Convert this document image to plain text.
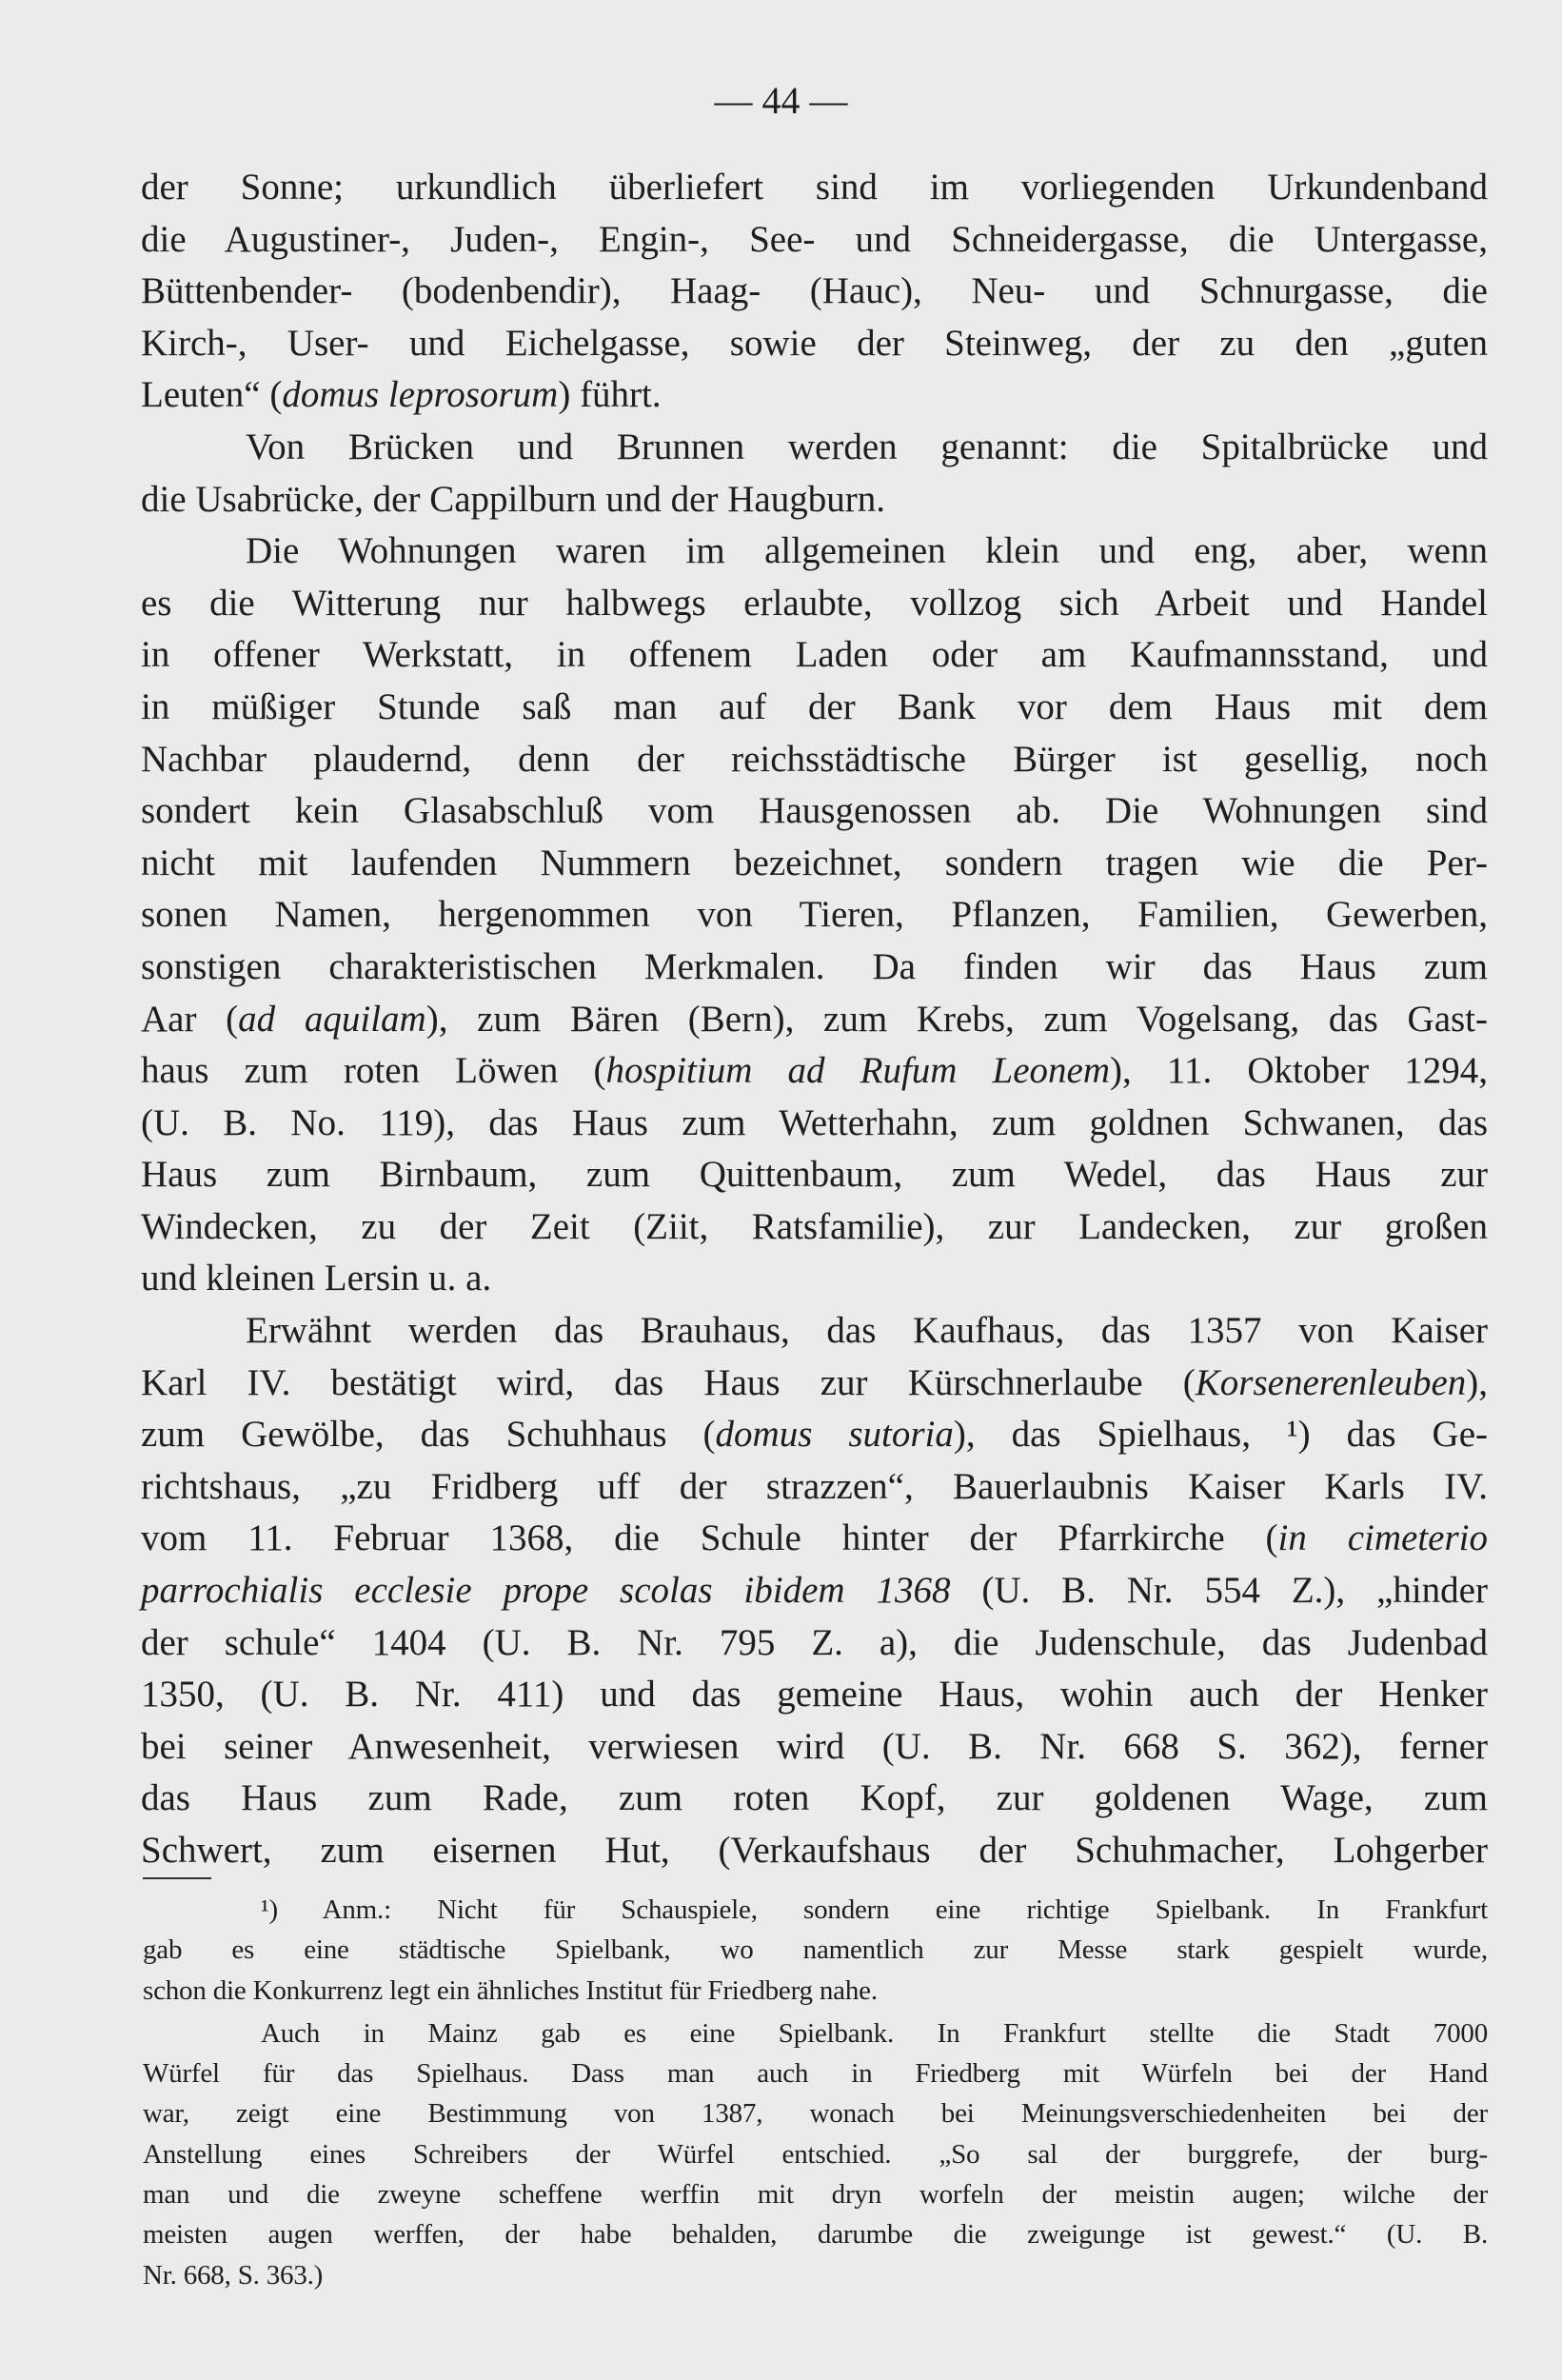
— 44 —
der Sonne; urkundlich überliefert sind im vorliegenden Urkundenband
die Augustiner-, Juden-, Engin-, See- und Schneidergasse, die Untergasse,
Büttenbender- (bodenbendir), Haag- (Hauc), Neu- und Schnurgasse, die
Kirch-, User- und Eichelgasse, sowie der Steinweg, der zu den „guten
Leuten“ (domus leprosorum) führt.
Von Brücken und Brunnen werden genannt: die Spitalbrücke und
die Usabrücke, der Cappilburn und der Haugburn.
Die Wohnungen waren im allgemeinen klein und eng, aber, wenn
es die Witterung nur halbwegs erlaubte, vollzog sich Arbeit und Handel
in offener Werkstatt, in offenem Laden oder am Kaufmannsstand, und
in müßiger Stunde saß man auf der Bank vor dem Haus mit dem
Nachbar plaudernd, denn der reichsstädtische Bürger ist gesellig, noch
sondert kein Glasabschluß vom Hausgenossen ab. Die Wohnungen sind
nicht mit laufenden Nummern bezeichnet, sondern tragen wie die Per-
sonen Namen, hergenommen von Tieren, Pflanzen, Familien, Gewerben,
sonstigen charakteristischen Merkmalen. Da finden wir das Haus zum
Aar (ad aquilam), zum Bären (Bern), zum Krebs, zum Vogelsang, das Gast-
haus zum roten Löwen (hospitium ad Rufum Leonem), 11. Oktober 1294,
(U. B. No. 119), das Haus zum Wetterhahn, zum goldnen Schwanen, das
Haus zum Birnbaum, zum Quittenbaum, zum Wedel, das Haus zur
Windecken, zu der Zeit (Ziit, Ratsfamilie), zur Landecken, zur großen
und kleinen Lersin u. a.
Erwähnt werden das Brauhaus, das Kaufhaus, das 1357 von Kaiser
Karl IV. bestätigt wird, das Haus zur Kürschnerlaube (Korsenerenleuben),
zum Gewölbe, das Schuhhaus (domus sutoria), das Spielhaus, ¹) das Ge-
richtshaus, „zu Fridberg uff der strazzen“, Bauerlaubnis Kaiser Karls IV.
vom 11. Februar 1368, die Schule hinter der Pfarrkirche (in cimeterio
parrochialis ecclesie prope scolas ibidem 1368 (U. B. Nr. 554 Z.), „hinder
der schule“ 1404 (U. B. Nr. 795 Z. a), die Judenschule, das Judenbad
1350, (U. B. Nr. 411) und das gemeine Haus, wohin auch der Henker
bei seiner Anwesenheit, verwiesen wird (U. B. Nr. 668 S. 362), ferner
das Haus zum Rade, zum roten Kopf, zur goldenen Wage, zum
Schwert, zum eisernen Hut, (Verkaufshaus der Schuhmacher, Lohgerber
¹) Anm.: Nicht für Schauspiele, sondern eine richtige Spielbank. In Frankfurt
gab es eine städtische Spielbank, wo namentlich zur Messe stark gespielt wurde,
schon die Konkurrenz legt ein ähnliches Institut für Friedberg nahe.
Auch in Mainz gab es eine Spielbank. In Frankfurt stellte die Stadt 7000
Würfel für das Spielhaus. Dass man auch in Friedberg mit Würfeln bei der Hand
war, zeigt eine Bestimmung von 1387, wonach bei Meinungsverschiedenheiten bei der
Anstellung eines Schreibers der Würfel entschied. „So sal der burggrefe, der burg-
man und die zweyne scheffene werffin mit dryn worfeln der meistin augen; wilche der
meisten augen werffen, der habe behalden, darumbe die zweigunge ist gewest.“ (U. B.
Nr. 668, S. 363.)
